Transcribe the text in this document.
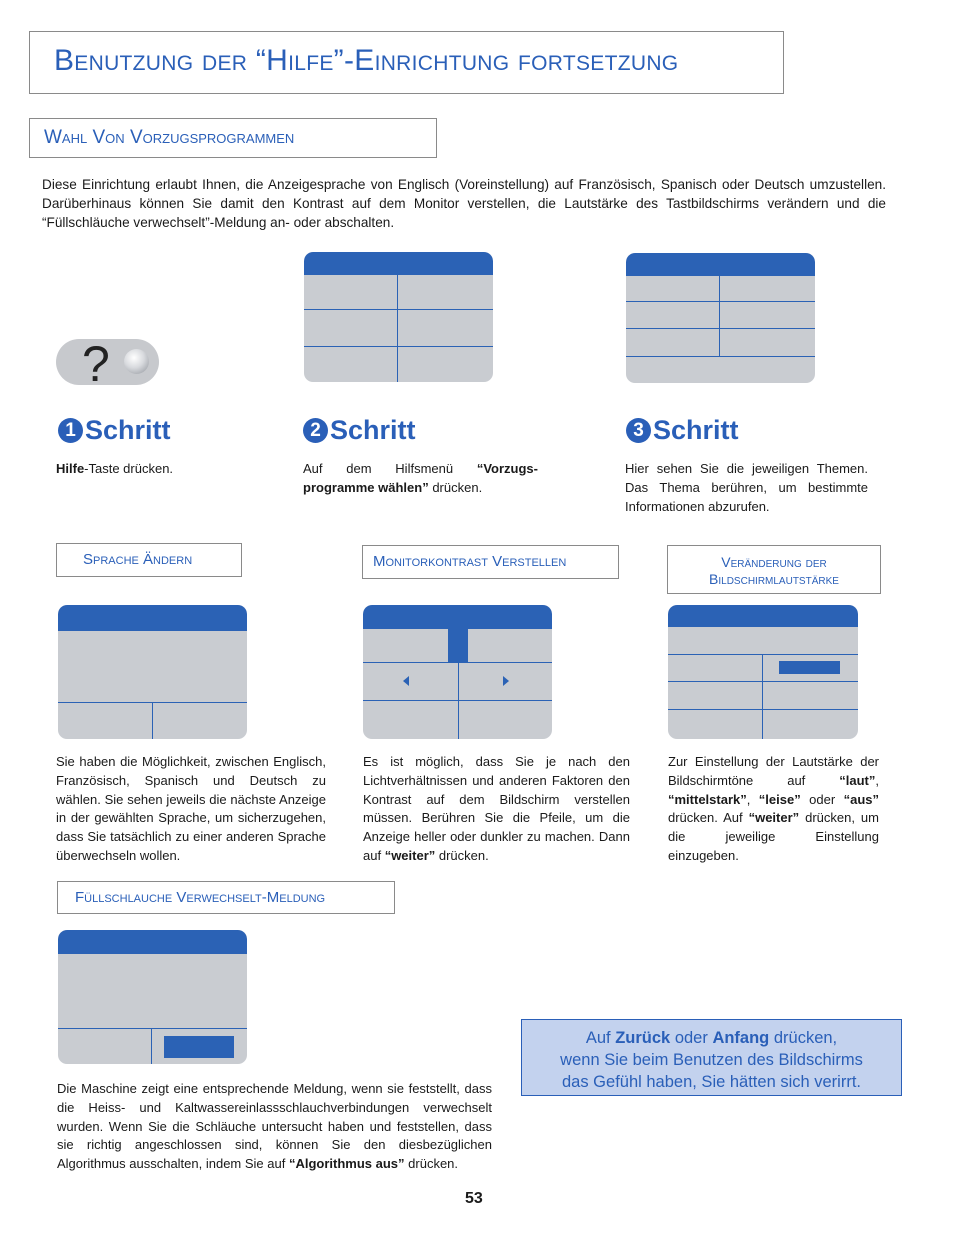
Benutzung der “Hilfe”-Einrichtung fortsetzung
Wahl Von Vorzugsprogrammen
Diese Einrichtung erlaubt Ihnen, die Anzeigesprache von Englisch (Voreinstellung) auf Französisch, Spanisch oder Deutsch umzustellen. Darüberhinaus können Sie damit den Kontrast auf dem Monitor verstellen, die Lautstärke des Tastbildschirms verändern und die “Füllschläuche verwechselt”-Meldung an- oder abschalten.
?
1 Schritt	2 Schritt	3 Schritt
Hilfe-Taste drücken.	Auf dem Hilfsmenü “Vorzugs-programme wählen” drücken.
Hier sehen Sie die jeweiligen Themen. Das Thema berühren, um bestimmte Informationen abzurufen.
Sprache Ändern	Monitorkontrast Verstellen	Veränderung der
Bildschirmlautstärke
Sie haben die Möglichkeit, zwischen Englisch, Französisch, Spanisch und Deutsch zu wählen. Sie sehen jeweils die nächste Anzeige in der gewählten Sprache, um sicherzugehen, dass Sie tatsächlich zu einer anderen Sprache überwechseln wollen.
Es ist möglich, dass Sie je nach den Lichtverhältnissen und anderen Faktoren den Kontrast auf dem Bildschirm verstellen müssen. Berühren Sie die Pfeile, um die Anzeige heller oder dunkler zu machen. Dann auf “weiter” drücken.
Zur Einstellung der Lautstärke der Bildschirmtöne auf “laut”, “mittelstark”, “leise” oder “aus” drücken. Auf “weiter” drücken, um die jeweilige Einstellung einzugeben.
Füllschlauche Verwechselt-Meldung
Die Maschine zeigt eine entsprechende Meldung, wenn sie feststellt, dass die Heiss- und Kaltwassereinlassschlauchverbindungen verwechselt wurden. Wenn Sie die Schläuche untersucht haben und feststellen, dass sie richtig angeschlossen sind, können Sie den diesbezüglichen Algorithmus ausschalten, indem Sie auf “Algorithmus aus” drücken.
Auf Zurück oder Anfang drücken,
wenn Sie beim Benutzen des Bildschirms
das Gefühl haben, Sie hätten sich verirrt.
53
